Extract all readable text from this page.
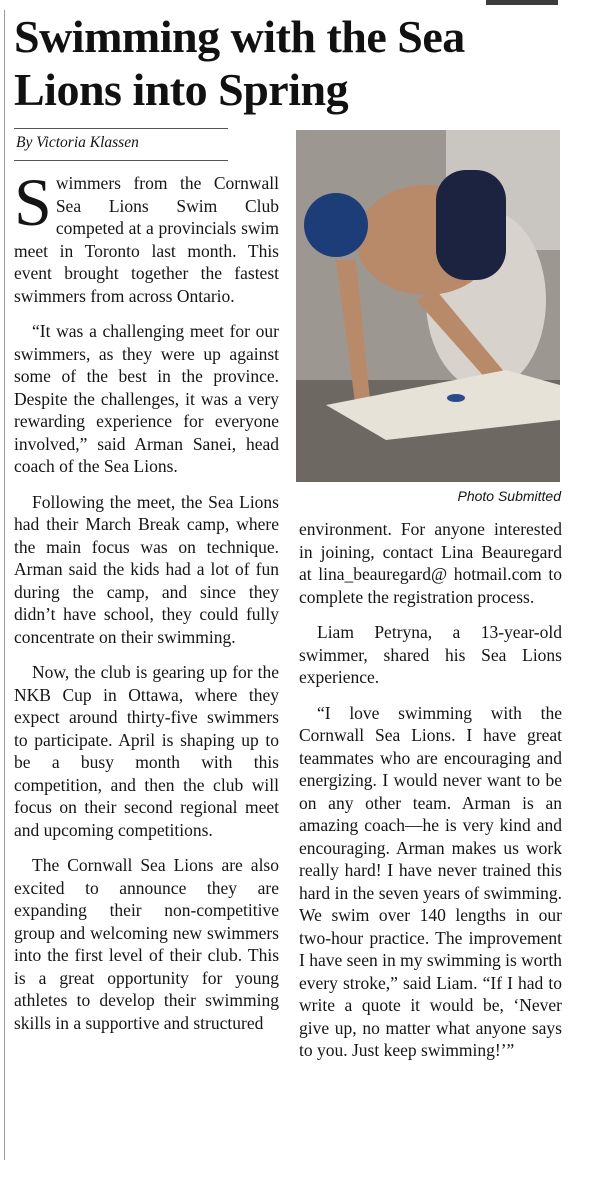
Swimming with the Sea
Lions into Spring
By Victoria Klassen

Swimmers from the Cornwall Sea Lions Swim Club competed at a provincials swim meet in Toronto last month. This event brought together the fastest swimmers from across Ontario.

“It was a challenging meet for our swimmers, as they were up against some of the best in the province. Despite the challenges, it was a very rewarding experience for everyone involved,” said Arman Sanei, head coach of the Sea Lions.

Following the meet, the Sea Lions had their March Break camp, where the main focus was on technique. Arman said the kids had a lot of fun during the camp, and since they didn’t have school, they could fully concentrate on their swimming.

Now, the club is gearing up for the NKB Cup in Ottawa, where they expect around thirty-five swimmers to participate. April is shaping up to be a busy month with this competition, and then the club will focus on their second regional meet and upcoming competitions.

The Cornwall Sea Lions are also excited to announce they are expanding their non-competitive group and welcoming new swimmers into the first level of their club. This is a great opportunity for young athletes to develop their swimming skills in a supportive and structured

Photo Submitted

environment. For anyone interested in joining, contact Lina Beauregard at lina_beauregard@ hotmail.com to complete the registration process.

Liam Petryna, a 13-year-old swimmer, shared his Sea Lions experience.

“I love swimming with the Cornwall Sea Lions. I have great teammates who are encouraging and energizing. I would never want to be on any other team. Arman is an amazing coach—he is very kind and encouraging. Arman makes us work really hard! I have never trained this hard in the seven years of swimming. We swim over 140 lengths in our two-hour practice. The improvement I have seen in my swimming is worth every stroke,” said Liam. “If I had to write a quote it would be, ‘Never give up, no matter what anyone says to you. Just keep swimming!’”
